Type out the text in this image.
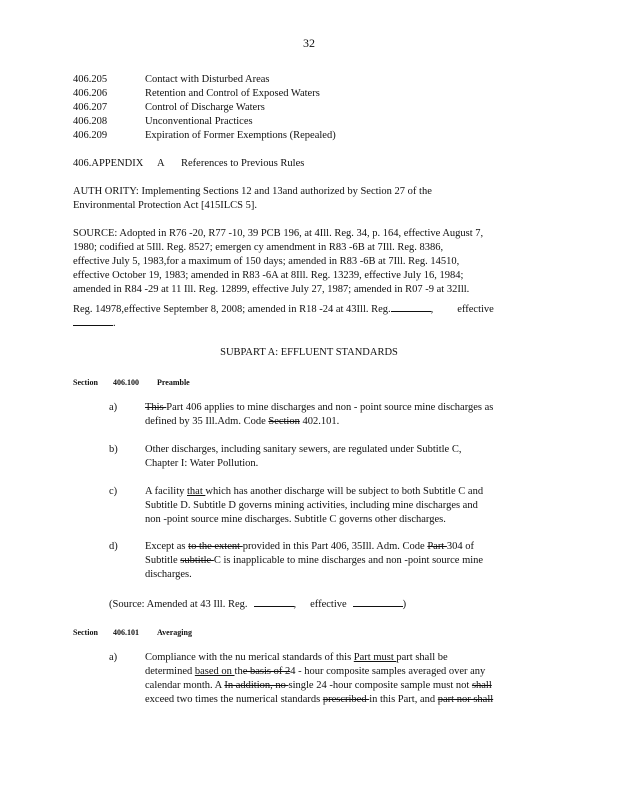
32
406.205	Contact with Disturbed Areas
406.206	Retention and Control of Exposed Waters
406.207	Control of Discharge Waters
406.208	Unconventional Practices
406.209	Expiration of Former Exemptions (Repealed)
406.APPENDIX A References to Previous Rules
AUTH ORITY: Implementing Sections 12 and 13and authorized by Section 27 of the
Environmental Protection Act [415ILCS 5].
SOURCE: Adopted in R76 -20, R77 -10, 39 PCB 196, at 4Ill. Reg. 34, p. 164, effective August 7,
1980; codified at 5Ill. Reg. 8527; emergen cy amendment in R83 -6B at 7Ill. Reg. 8386,
effective July 5, 1983,for a maximum of 150 days; amended in R83 -6B at 7Ill. Reg. 14510,
effective October 19, 1983; amended in R83 -6A at 8Ill. Reg. 13239, effective July 16, 1984;
amended in R84 -29 at 11 Ill. Reg. 12899, effective July 27, 1987; amended in R07 -9 at 32Ill.
Reg. 14978,effective September 8, 2008; amended in R18 -24 at 43Ill. Reg.	, effective
.
SUBPART A: EFFLUENT STANDARDS
Section 406.100 Preamble
a)	This Part 406 applies to mine discharges and non - point source mine discharges as
defined by 35 Ill.Adm. Code Section 402.101.
b)	Other discharges, including sanitary sewers, are regulated under Subtitle C,
Chapter I: Water Pollution.
c)	A facility that which has another discharge will be subject to both Subtitle C and
Subtitle D. Subtitle D governs mining activities, including mine discharges and
non -point source mine discharges. Subtitle C governs other discharges.
d)	Except as to the extent provided in this Part 406, 35Ill. Adm. Code Part 304 of
Subtitle subtitle C is inapplicable to mine discharges and non -point source mine
discharges.
(Source: Amended at 43 Ill. Reg.	, effective	)
Section 406.101 Averaging
a)	Compliance with the nu merical standards of this Part must part shall be
determined based on the basis of 24 - hour composite samples averaged over any
calendar month. A In addition, no single 24 -hour composite sample must not shall
exceed two times the numerical standards prescribed in this Part, and part nor shall
